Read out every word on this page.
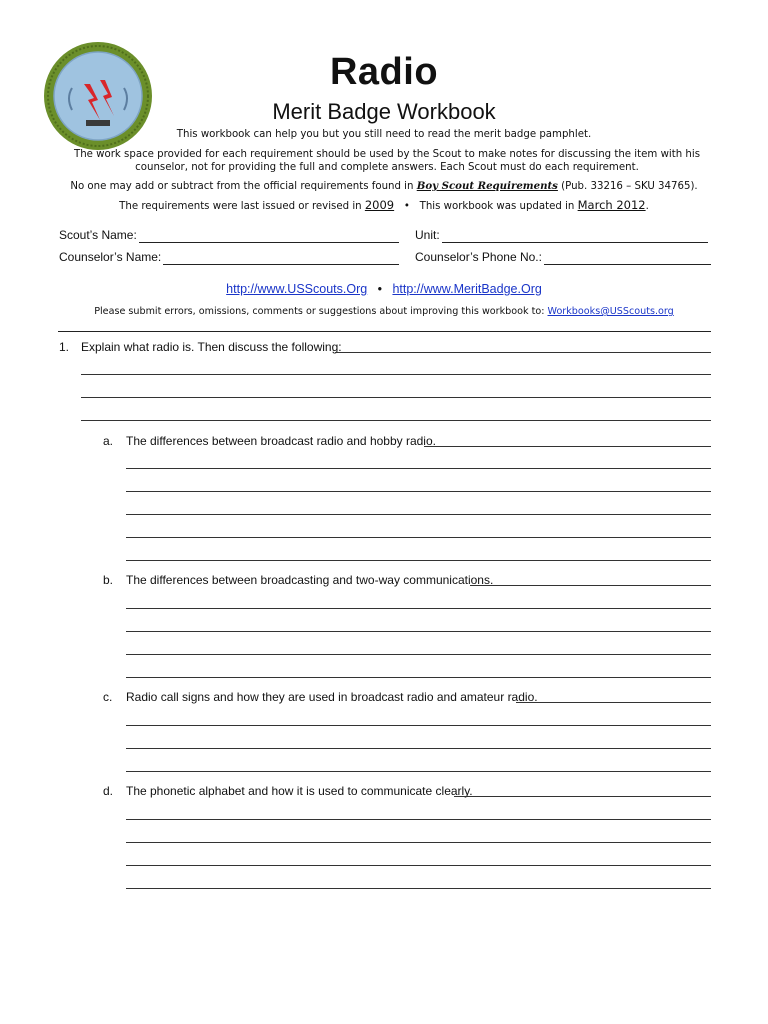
Radio
Merit Badge Workbook
This workbook can help you but you still need to read the merit badge pamphlet.
The work space provided for each requirement should be used by the Scout to make notes for discussing the item with his counselor, not for providing the full and complete answers. Each Scout must do each requirement.
No one may add or subtract from the official requirements found in Boy Scout Requirements (Pub. 33216 – SKU 34765).
The requirements were last issued or revised in 2009 • This workbook was updated in March 2012.
Scout’s Name:	Unit:
Counselor’s Name:	Counselor’s Phone No.:
http://www.USScouts.Org • http://www.MeritBadge.Org
Please submit errors, omissions, comments or suggestions about improving this workbook to: Workbooks@USScouts.org
1. Explain what radio is. Then discuss the following:
a. The differences between broadcast radio and hobby radio.
b. The differences between broadcasting and two-way communications.
c. Radio call signs and how they are used in broadcast radio and amateur radio.
d. The phonetic alphabet and how it is used to communicate clearly.
